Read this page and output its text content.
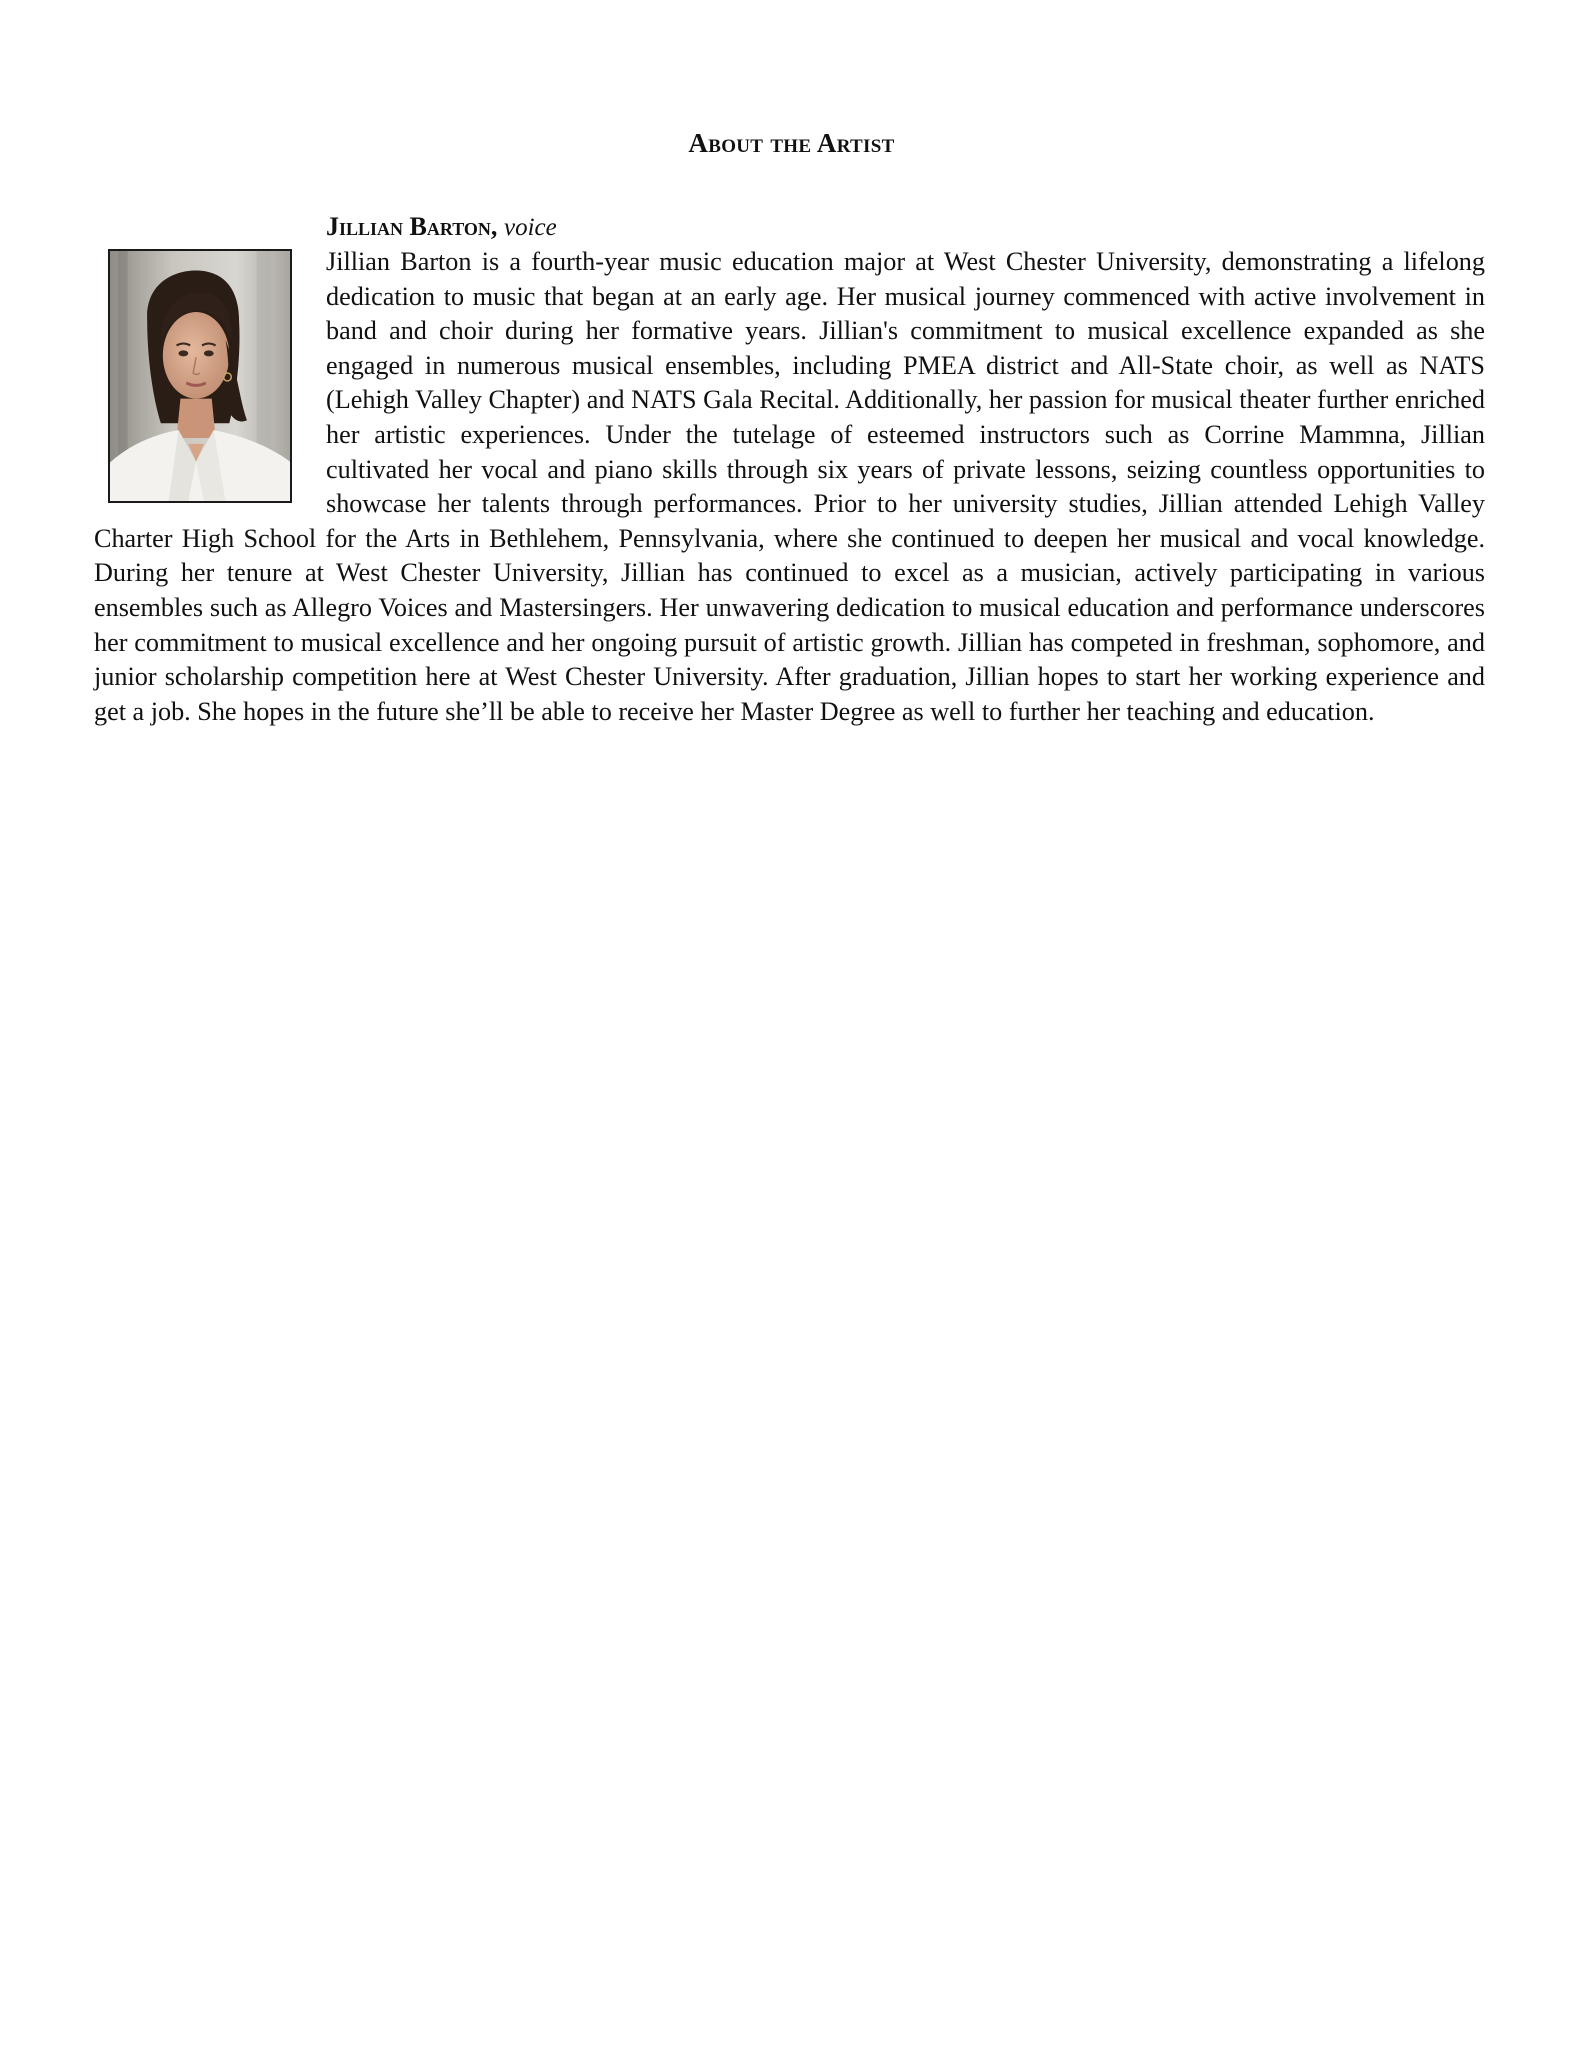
About the Artist

Jillian Barton, voice

Jillian Barton is a fourth-year music education major at West Chester University, demonstrating a lifelong dedication to music that began at an early age. Her musical journey commenced with active involvement in band and choir during her formative years. Jillian's commitment to musical excellence expanded as she engaged in numerous musical ensembles, including PMEA district and All-State choir, as well as NATS (Lehigh Valley Chapter) and NATS Gala Recital. Additionally, her passion for musical theater further enriched her artistic experiences. Under the tutelage of esteemed instructors such as Corrine Mammna, Jillian cultivated her vocal and piano skills through six years of private lessons, seizing countless opportunities to showcase her talents through performances. Prior to her university studies, Jillian attended Lehigh Valley Charter High School for the Arts in Bethlehem, Pennsylvania, where she continued to deepen her musical and vocal knowledge. During her tenure at West Chester University, Jillian has continued to excel as a musician, actively participating in various ensembles such as Allegro Voices and Mastersingers. Her unwavering dedication to musical education and performance underscores her commitment to musical excellence and her ongoing pursuit of artistic growth. Jillian has competed in freshman, sophomore, and junior scholarship competition here at West Chester University. After graduation, Jillian hopes to start her working experience and get a job. She hopes in the future she’ll be able to receive her Master Degree as well to further her teaching and education.
